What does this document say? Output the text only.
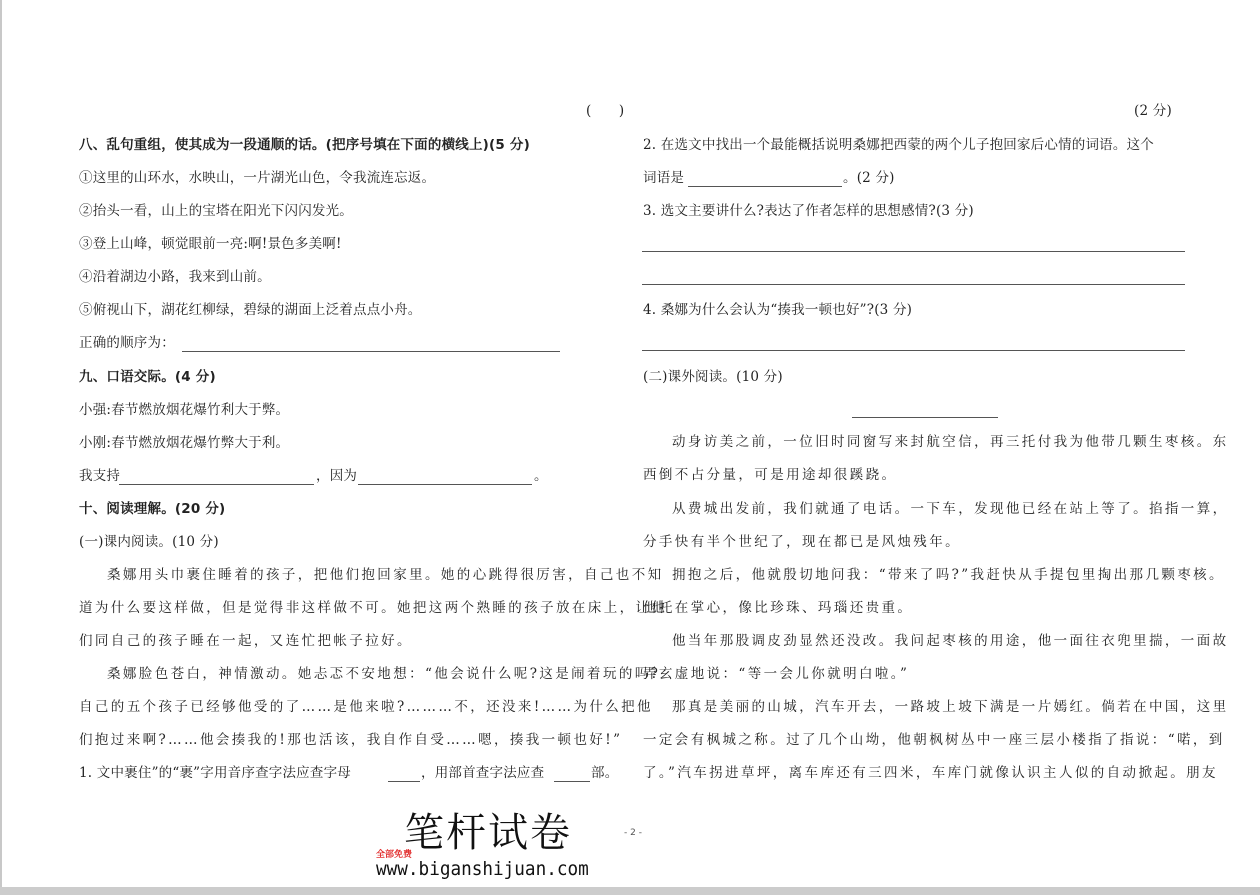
(　　)
八、乱句重组，使其成为一段通顺的话。(把序号填在下面的横线上)(5 分)
①这里的山环水，水映山，一片湖光山色，令我流连忘返。
②抬头一看，山上的宝塔在阳光下闪闪发光。
③登上山峰，顿觉眼前一亮:啊!景色多美啊!
④沿着湖边小路，我来到山前。
⑤俯视山下，湖花红柳绿，碧绿的湖面上泛着点点小舟。
正确的顺序为：
九、口语交际。(4 分)
小强:春节燃放烟花爆竹利大于弊。
小刚:春节燃放烟花爆竹弊大于利。
我支持	，因为	。
十、阅读理解。(20 分)
(一)课内阅读。(10 分)
桑娜用头巾裹住睡着的孩子，把他们抱回家里。她的心跳得很厉害，自己也不知
道为什么要这样做，但是觉得非这样做不可。她把这两个熟睡的孩子放在床上，让他
们同自己的孩子睡在一起，又连忙把帐子拉好。
桑娜脸色苍白，神情激动。她忐忑不安地想：“他会说什么呢?这是闹着玩的吗?
自己的五个孩子已经够他受的了……是他来啦?………不，还没来!……为什么把他
们抱过来啊?……他会揍我的!那也活该，我自作自受……嗯，揍我一顿也好!”
1. 文中裹住”的“裹”字用音序查字法应查字母	，用部首查字法应查	部。
(2 分)
2. 在选文中找出一个最能概括说明桑娜把西蒙的两个儿子抱回家后心情的词语。这个
词语是	。(2 分)
3. 选文主要讲什么?表达了作者怎样的思想感情?(3 分)
4. 桑娜为什么会认为“揍我一顿也好”?(3 分)
(二)课外阅读。(10 分)
动身访美之前，一位旧时同窗写来封航空信，再三托付我为他带几颗生枣核。东
西倒不占分量，可是用途却很蹊跷。
从费城出发前，我们就通了电话。一下车，发现他已经在站上等了。掐指一算，
分手快有半个世纪了，现在都已是风烛残年。
拥抱之后，他就殷切地问我：“带来了吗?”我赶快从手提包里掏出那几颗枣核。
他托在掌心，像比珍珠、玛瑙还贵重。
他当年那股调皮劲显然还没改。我问起枣核的用途，他一面往衣兜里揣，一面故
弄玄虚地说：“等一会儿你就明白啦。”
那真是美丽的山城，汽车开去，一路坡上坡下满是一片嫣红。倘若在中国，这里
一定会有枫城之称。过了几个山坳，他朝枫树丛中一座三层小楼指了指说：“喏，到
了。”汽车拐进草坪，离车库还有三四米，车库门就像认识主人似的自动掀起。朋友
- 2 -
笔杆试卷
全部免费
www.biganshijuan.com
